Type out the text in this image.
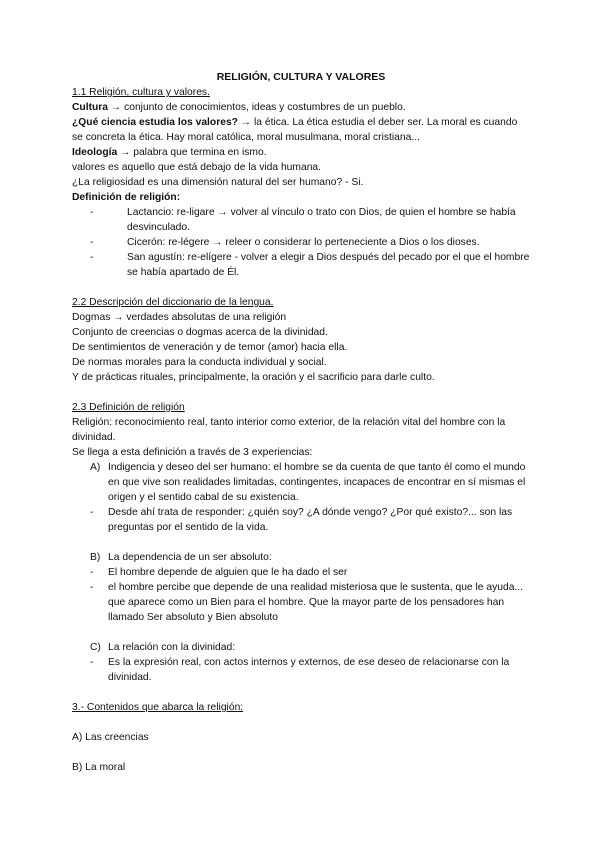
RELIGIÓN, CULTURA Y VALORES

1.1 Religión, cultura y valores.

Cultura → conjunto de conocimientos, ideas y costumbres de un pueblo.

¿Qué ciencia estudia los valores? → la ética. La ética estudia el deber ser. La moral es cuando se concreta la ética. Hay moral católica, moral musulmana, moral cristiana...

Ideología → palabra que termina en ismo.

valores es aquello que está debajo de la vida humana.

¿La religiosidad es una dimensión natural del ser humano? - Si.

Definición de religión:

-	Lactancio: re-ligare → volver al vínculo o trato con Dios, de quien el hombre se había desvinculado.
-	Cicerón: re-légere → releer o considerar lo perteneciente a Dios o los dioses.
-	San agustín: re-elígere - volver a elegir a Dios después del pecado por el que el hombre se había apartado de Él.

2.2 Descripción del diccionario de la lengua.

Dogmas → verdades absolutas de una religión

Conjunto de creencias o dogmas acerca de la divinidad.

De sentimientos de veneración y de temor (amor) hacia ella.

De normas morales para la conducta individual y social.

Y de prácticas rituales, principalmente, la oración y el sacrificio para darle culto.

2.3 Definición de religión

Religión: reconocimiento real, tanto interior como exterior, de la relación vital del hombre con la divinidad.

Se llega a esta definición a través de 3 experiencias:

A) Indigencia y deseo del ser humano: el hombre se da cuenta de que tanto él como el mundo en que vive son realidades limitadas, contingentes, incapaces de encontrar en sí mismas el origen y el sentido cabal de su existencia.
- Desde ahí trata de responder: ¿quién soy? ¿A dónde vengo? ¿Por qué existo?... son las preguntas por el sentido de la vida.
B) La dependencia de un ser absoluto:
- El hombre depende de alguien que le ha dado el ser
- el hombre percibe que depende de una realidad misteriosa que le sustenta, que le ayuda... que aparece como un Bien para el hombre. Que la mayor parte de los pensadores han llamado Ser absoluto y Bien absoluto
C) La relación con la divinidad:
- Es la expresión real, con actos internos y externos, de ese deseo de relacionarse con la divinidad.

3.- Contenidos que abarca la religión:

A) Las creencias

B) La moral
